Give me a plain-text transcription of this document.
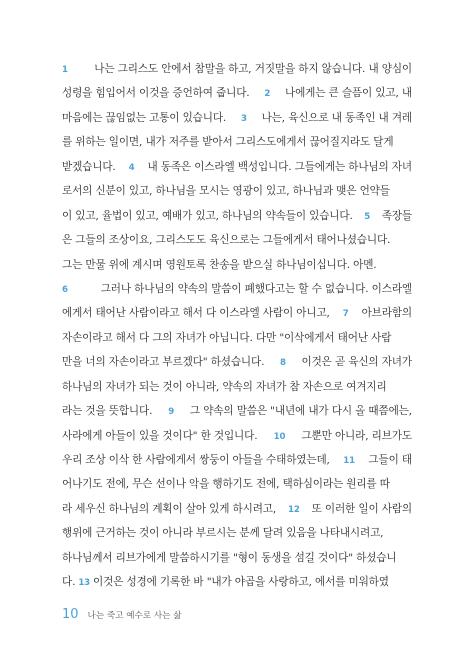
1 나는 그리스도 안에서 참말을 하고, 거짓말을 하지 않습니다. 내 양심이
성령을 힘입어서 이것을 증언하여 줍니다. 2 나에게는 큰 슬픔이 있고, 내
마음에는 끊임없는 고통이 있습니다. 3 나는, 육신으로 내 동족인 내 겨레
를 위하는 일이면, 내가 저주를 받아서 그리스도에게서 끊어질지라도 달게
받겠습니다. 4 내 동족은 이스라엘 백성입니다. 그들에게는 하나님의 자녀
로서의 신분이 있고, 하나님을 모시는 영광이 있고, 하나님과 맺은 언약들
이 있고, 율법이 있고, 예배가 있고, 하나님의 약속들이 있습니다. 5 족장들
은 그들의 조상이요, 그리스도도 육신으로는 그들에게서 태어나셨습니다.
그는 만물 위에 계시며 영원토록 찬송을 받으실 하나님이십니다. 아멘.
6	그러나 하나님의 약속의 말씀이 폐했다고는 할 수 없습니다. 이스라엘
에게서 태어난 사람이라고 해서 다 이스라엘 사람이 아니고, 7 아브라함의
자손이라고 해서 다 그의 자녀가 아닙니다. 다만 "이삭에게서 태어난 사람
만을 너의 자손이라고 부르겠다" 하셨습니다. 8 이것은 곧 육신의 자녀가
하나님의 자녀가 되는 것이 아니라, 약속의 자녀가 참 자손으로 여겨지리
라는 것을 뜻합니다. 9 그 약속의 말씀은 "내년에 내가 다시 올 때쯤에는,
사라에게 아들이 있을 것이다" 한 것입니다. 10 그뿐만 아니라, 리브가도
우리 조상 이삭 한 사람에게서 쌍둥이 아들을 수태하였는데, 11 그들이 태
어나기도 전에, 무슨 선이나 악을 행하기도 전에, 택하심이라는 원리를 따
라 세우신 하나님의 계획이 살아 있게 하시려고, 12 또 이러한 일이 사람의
행위에 근거하는 것이 아니라 부르시는 분께 달려 있음을 나타내시려고,
하나님께서 리브가에게 말씀하시기를 "형이 동생을 섬길 것이다" 하셨습니
다. 13 이것은 성경에 기록한 바 "내가 야곱을 사랑하고, 에서를 미워하였
10 나는 죽고 예수로 사는 삶
